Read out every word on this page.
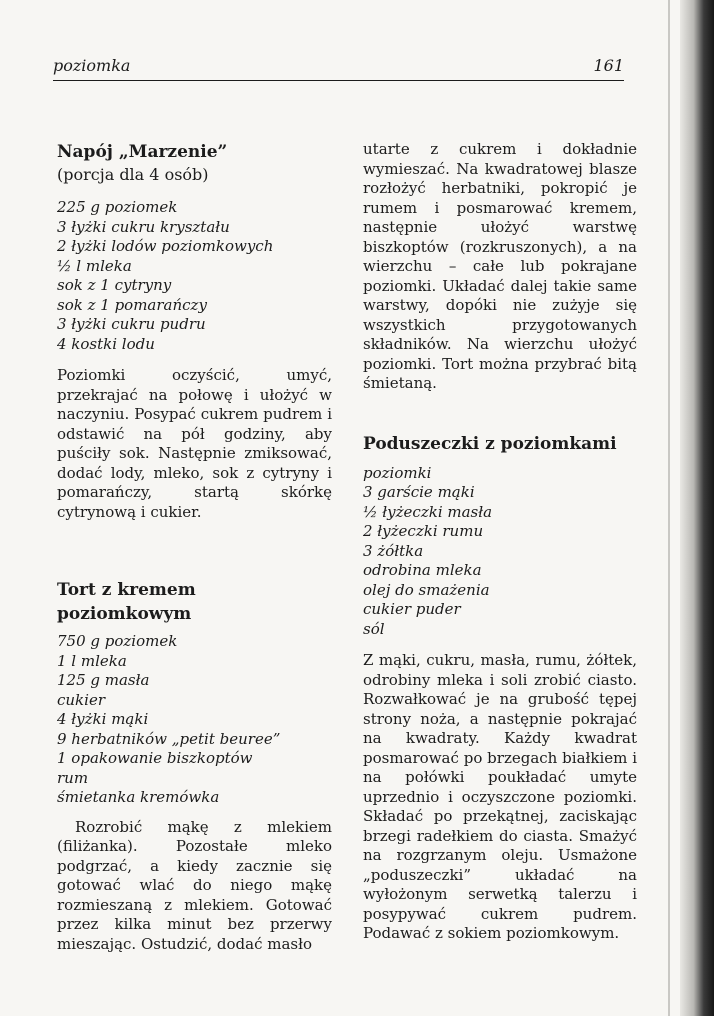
poziomka	161
Napój „Marzenie”
(porcja dla 4 osób)
225 g poziomek
3 łyżki cukru kryształu
2 łyżki lodów poziomkowych
½ l mleka
sok z 1 cytryny
sok z 1 pomarańczy
3 łyżki cukru pudru
4 kostki lodu

Poziomki oczyścić, umyć, przekrajać na połowę i ułożyć w naczyniu. Posypać cukrem pudrem i odstawić na pół godziny, aby puściły sok. Następnie zmiksować, dodać lody, mleko, sok z cytryny i pomarańczy, startą skórkę cytrynową i cukier.

Tort z kremem poziomkowym
750 g poziomek
1 l mleka
125 g masła
cukier
4 łyżki mąki
9 herbatników „petit beuree”
1 opakowanie biszkoptów
rum
śmietanka kremówka

Rozrobić mąkę z mlekiem (filiżanka). Pozostałe mleko podgrzać, a kiedy zacznie się gotować wlać do niego mąkę rozmieszaną z mlekiem. Gotować przez kilka minut bez przerwy mieszając. Ostudzić, dodać masło

utarte z cukrem i dokładnie wymieszać. Na kwadratowej blasze rozłożyć herbatniki, pokropić je rumem i posmarować kremem, następnie ułożyć warstwę biszkoptów (rozkruszonych), a na wierzchu – całe lub pokrajane poziomki. Układać dalej takie same warstwy, dopóki nie zużyje się wszystkich przygotowanych składników. Na wierzchu ułożyć poziomki. Tort można przybrać bitą śmietaną.

Poduszeczki z poziomkami
poziomki
3 garście mąki
½ łyżeczki masła
2 łyżeczki rumu
3 żółtka
odrobina mleka
olej do smażenia
cukier puder
sól

Z mąki, cukru, masła, rumu, żółtek, odrobiny mleka i soli zrobić ciasto. Rozwałkować je na grubość tępej strony noża, a następnie pokrajać na kwadraty. Każdy kwadrat posmarować po brzegach białkiem i na połówki poukładać umyte uprzednio i oczyszczone poziomki. Składać po przekątnej, zaciskając brzegi radełkiem do ciasta. Smażyć na rozgrzanym oleju. Usmażone „poduszeczki” układać na wyłożonym serwetką talerzu i posypywać cukrem pudrem. Podawać z sokiem poziomkowym.
